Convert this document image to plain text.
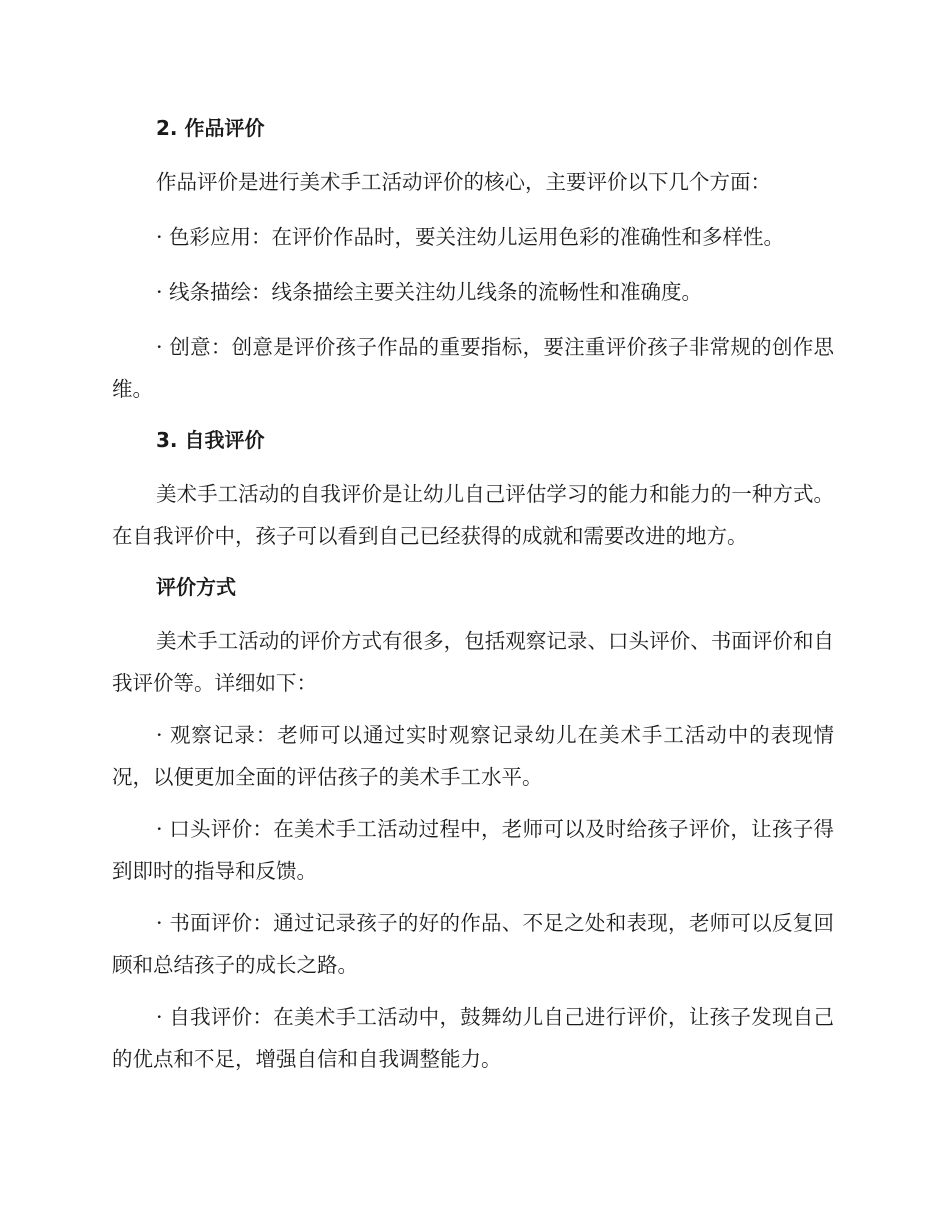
2. 作品评价

作品评价是进行美术手工活动评价的核心，主要评价以下几个方面：

· 色彩应用：在评价作品时，要关注幼儿运用色彩的准确性和多样性。

· 线条描绘：线条描绘主要关注幼儿线条的流畅性和准确度。

· 创意：创意是评价孩子作品的重要指标，要注重评价孩子非常规的创作思维。

3. 自我评价

美术手工活动的自我评价是让幼儿自己评估学习的能力和能力的一种方式。在自我评价中，孩子可以看到自己已经获得的成就和需要改进的地方。

评价方式

美术手工活动的评价方式有很多，包括观察记录、口头评价、书面评价和自我评价等。详细如下：

· 观察记录：老师可以通过实时观察记录幼儿在美术手工活动中的表现情况，以便更加全面的评估孩子的美术手工水平。

· 口头评价：在美术手工活动过程中，老师可以及时给孩子评价，让孩子得到即时的指导和反馈。

· 书面评价：通过记录孩子的好的作品、不足之处和表现，老师可以反复回顾和总结孩子的成长之路。

· 自我评价：在美术手工活动中，鼓舞幼儿自己进行评价，让孩子发现自己的优点和不足，增强自信和自我调整能力。
